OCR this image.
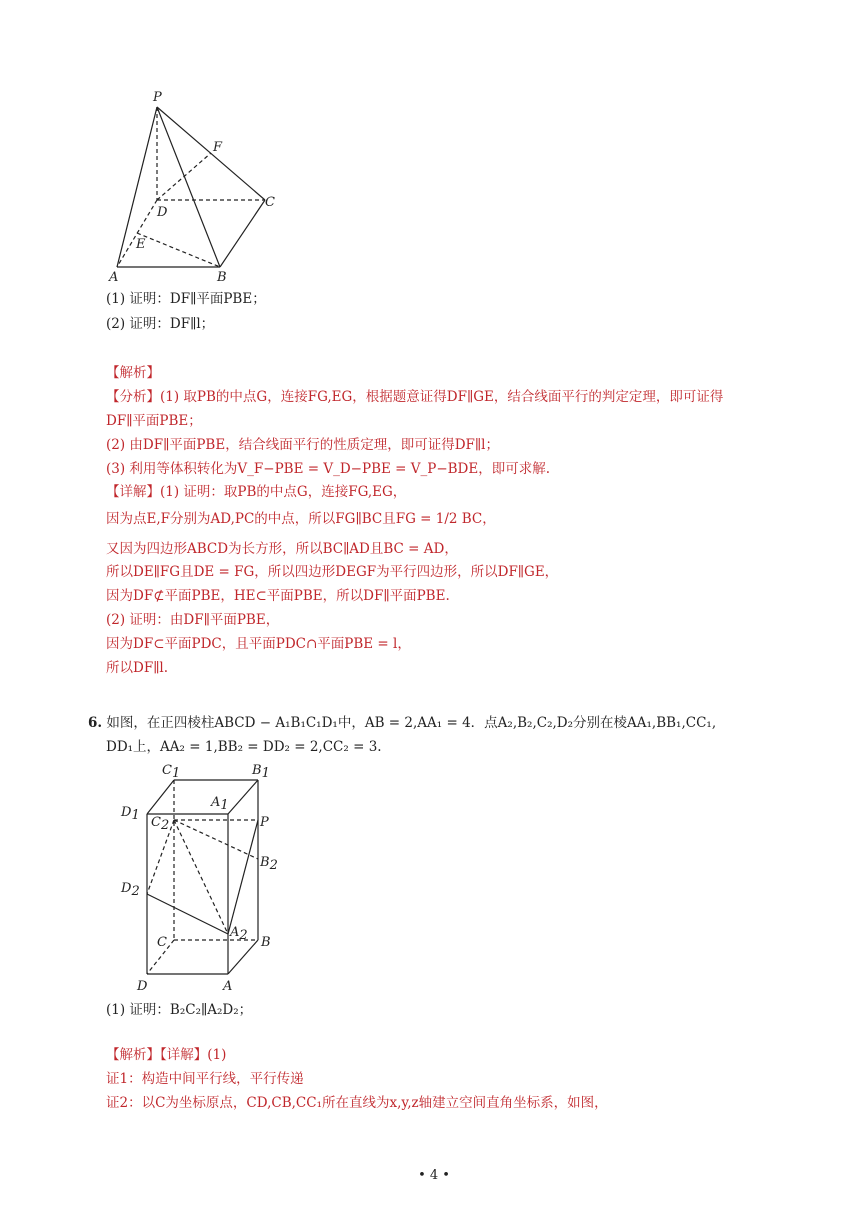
P
F
C
D
E
A	B
(1) 证明：DF∥平面PBE；
(2) 证明：DF∥l；
【解析】
【分析】(1) 取PB的中点G，连接FG,EG，根据题意证得DF∥GE，结合线面平行的判定定理，即可证得
DF∥平面PBE；
(2) 由DF∥平面PBE，结合线面平行的性质定理，即可证得DF∥l；
(3) 利用等体积转化为V_F−PBE = V_D−PBE = V_P−BDE，即可求解.
【详解】(1) 证明：取PB的中点G，连接FG,EG，
因为点E,F分别为AD,PC的中点，所以FG∥BC且FG = 1/2 BC，
又因为四边形ABCD为长方形，所以BC∥AD且BC = AD，
所以DE∥FG且DE = FG，所以四边形DEGF为平行四边形，所以DF∥GE，
因为DF⊄平面PBE，HE⊂平面PBE，所以DF∥平面PBE.
(2) 证明：由DF∥平面PBE，
因为DF⊂平面PDC，且平面PDC∩平面PBE = l，
所以DF∥l.
6. 如图，在正四棱柱ABCD − A₁B₁C₁D₁中，AB = 2,AA₁ = 4．点A₂,B₂,C₂,D₂分别在棱AA₁,BB₁,CC₁,
DD₁上，AA₂ = 1,BB₂ = DD₂ = 2,CC₂ = 3.
C1	B1
A1
D1 C2	P
B2
D2
A2
C	B
D	A
(1) 证明：B₂C₂∥A₂D₂；
【解析】【详解】(1)
证1：构造中间平行线，平行传递
证2：以C为坐标原点，CD,CB,CC₁所在直线为x,y,z轴建立空间直角坐标系，如图，
• 4 •
